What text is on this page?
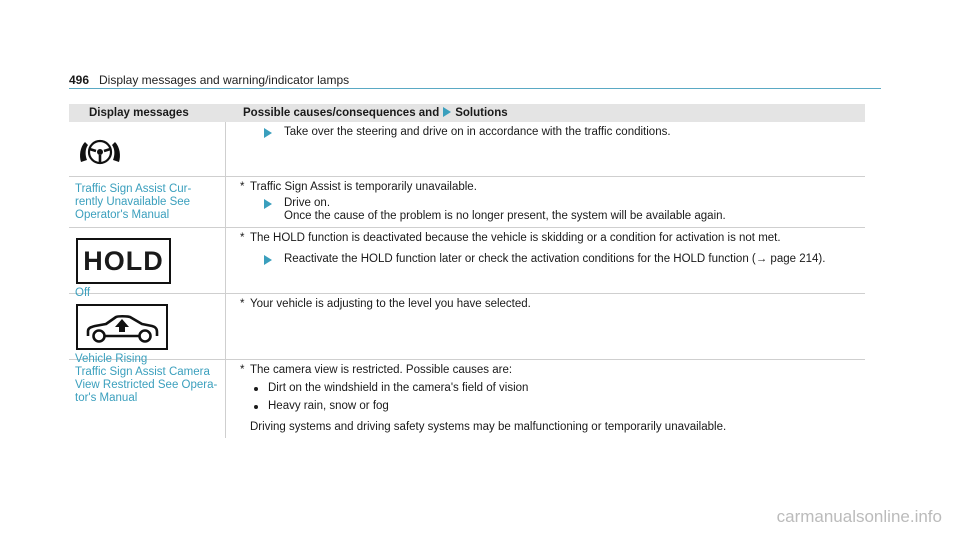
496 Display messages and warning/indicator lamps
Display messages	Possible causes/consequences and Solutions
Take over the steering and drive on in accordance with the traffic conditions.
Traffic Sign Assist Cur-
rently Unavailable See
Operator's Manual
* Traffic Sign Assist is temporarily unavailable.
Drive on.
Once the cause of the problem is no longer present, the system will be available again.
HOLD
Off
* The HOLD function is deactivated because the vehicle is skidding or a condition for activation is not met.
Reactivate the HOLD function later or check the activation conditions for the HOLD function (→ page 214).
Vehicle Rising
* Your vehicle is adjusting to the level you have selected.
Traffic Sign Assist Camera
View Restricted See Opera-
tor's Manual
* The camera view is restricted. Possible causes are:
Dirt on the windshield in the camera's field of vision
Heavy rain, snow or fog
Driving systems and driving safety systems may be malfunctioning or temporarily unavailable.
carmanualsonline.info
